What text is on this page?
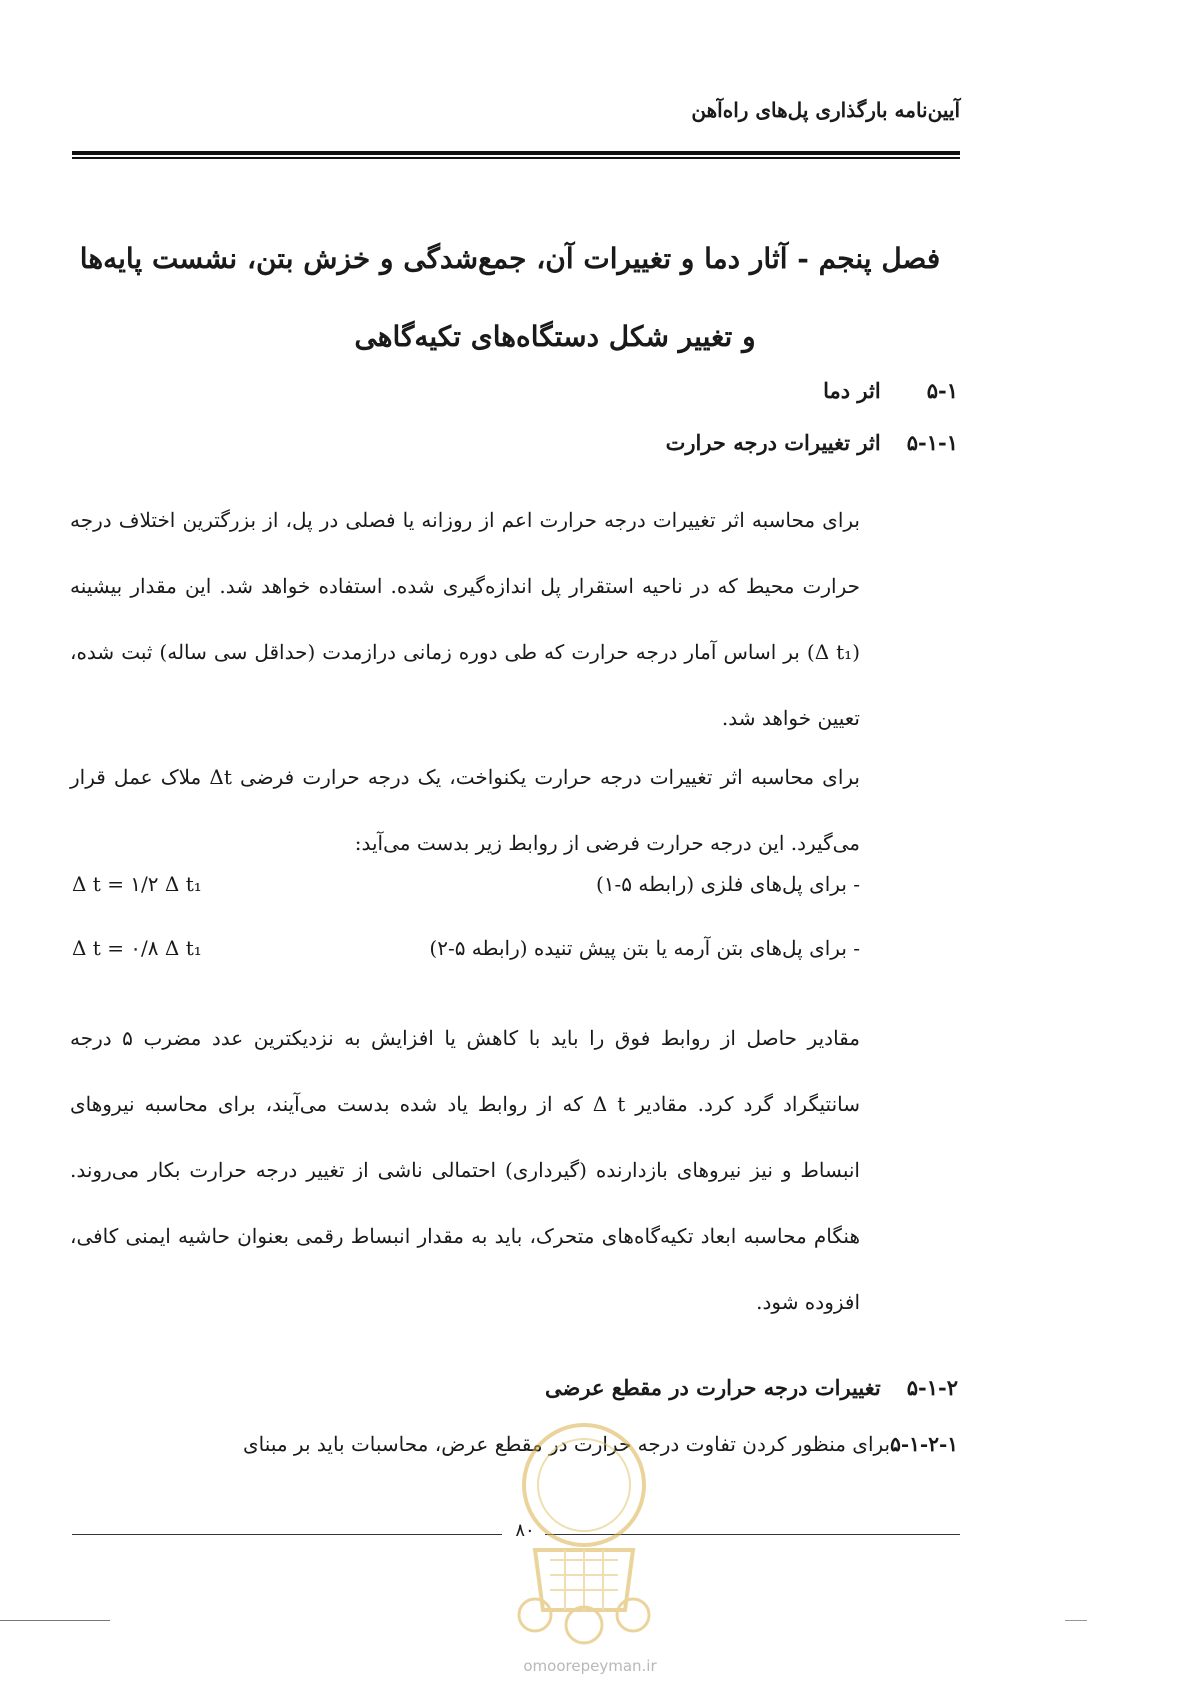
آیین‌نامه بارگذاری پل‌های راه‌آهن
فصل پنجم - آثار دما و تغییرات آن، جمع‌شدگی و خزش بتن، نشست پایه‌ها
و تغییر شکل دستگاه‌های تکیه‌گاهی
۵-۱ اثر دما
۵-۱-۱ اثر تغییرات درجه حرارت
برای محاسبه اثر تغییرات درجه حرارت اعم از روزانه یا فصلی در پل، از بزرگترین اختلاف درجه حرارت محیط که در ناحیه استقرار پل اندازه‌گیری شده. استفاده خواهد شد. این مقدار بیشینه (Δ t₁) بر اساس آمار درجه حرارت که طی دوره زمانی درازمدت (حداقل سی ساله) ثبت شده، تعیین خواهد شد.
برای محاسبه اثر تغییرات درجه حرارت یکنواخت، یک درجه حرارت فرضی Δt ملاک عمل قرار می‌گیرد. این درجه حرارت فرضی از روابط زیر بدست می‌آید:
- برای پل‌های فلزی (رابطه ۵-۱)
Δ t = ۱/۲ Δ t₁
- برای پل‌های بتن آرمه یا بتن پیش تنیده (رابطه ۵-۲)
Δ t = ۰/۸ Δ t₁
مقادیر حاصل از روابط فوق را باید با کاهش یا افزایش به نزدیکترین عدد مضرب ۵ درجه سانتیگراد گرد کرد. مقادیر Δ t که از روابط یاد شده بدست می‌آیند، برای محاسبه نیروهای انبساط و نیز نیروهای بازدارنده (گیرداری) احتمالی ناشی از تغییر درجه حرارت بکار می‌روند. هنگام محاسبه ابعاد تکیه‌گاه‌های متحرک، باید به مقدار انبساط رقمی بعنوان حاشیه ایمنی کافی، افزوده شود.
۵-۱-۲ تغییرات درجه حرارت در مقطع عرضی
۵-۱-۲-۱برای منظور کردن تفاوت درجه حرارت در مقطع عرض، محاسبات باید بر مبنای
۸۰
omoorepeyman.ir
